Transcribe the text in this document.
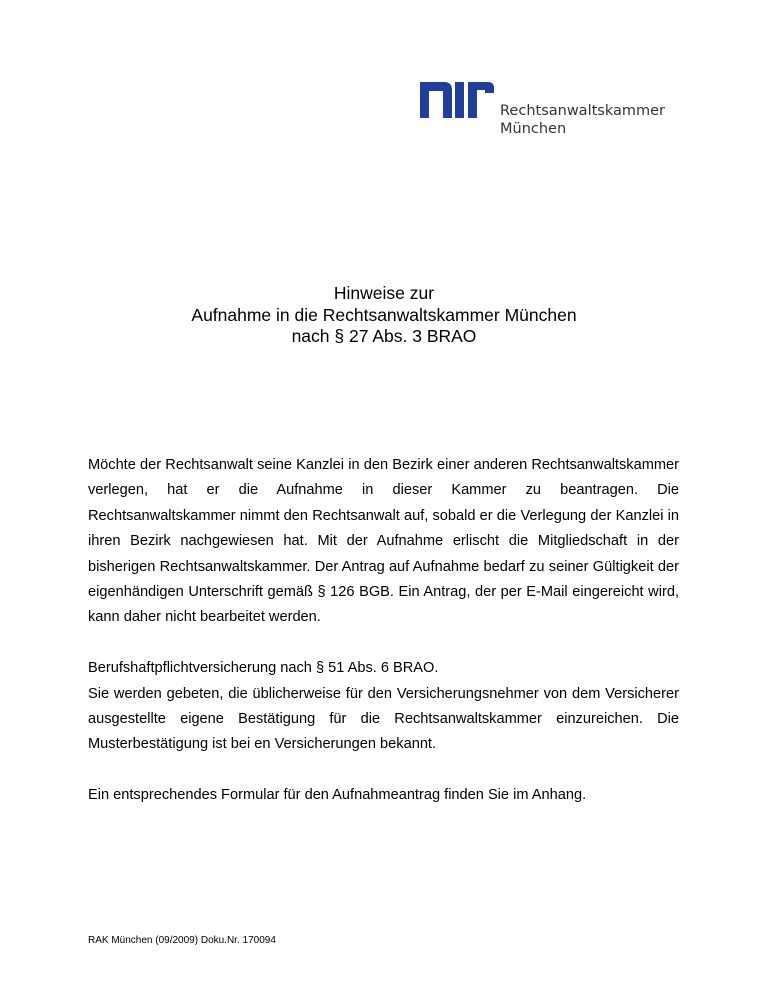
Rechtsanwaltskammer
München
Hinweise zur
Aufnahme in die Rechtsanwaltskammer München
nach § 27 Abs. 3 BRAO

Möchte der Rechtsanwalt seine Kanzlei in den Bezirk einer anderen Rechtsanwaltskammer verlegen, hat er die Aufnahme in dieser Kammer zu beantragen. Die Rechtsanwaltskammer nimmt den Rechtsanwalt auf, sobald er die Verlegung der Kanzlei in ihren Bezirk nachgewiesen hat. Mit der Aufnahme erlischt die Mitgliedschaft in der bisherigen Rechtsanwaltskammer. Der Antrag auf Aufnahme bedarf zu seiner Gültigkeit der eigenhändigen Unterschrift gemäß § 126 BGB. Ein Antrag, der per E-Mail eingereicht wird, kann daher nicht bearbeitet werden.

Berufshaftpflichtversicherung nach § 51 Abs. 6 BRAO.

Sie werden gebeten, die üblicherweise für den Versicherungsnehmer von dem Versicherer ausgestellte eigene Bestätigung für die Rechtsanwaltskammer einzureichen. Die Musterbestätigung ist bei en Versicherungen bekannt.

Ein entsprechendes Formular für den Aufnahmeantrag finden Sie im Anhang.

RAK München (09/2009) Doku.Nr. 170094
